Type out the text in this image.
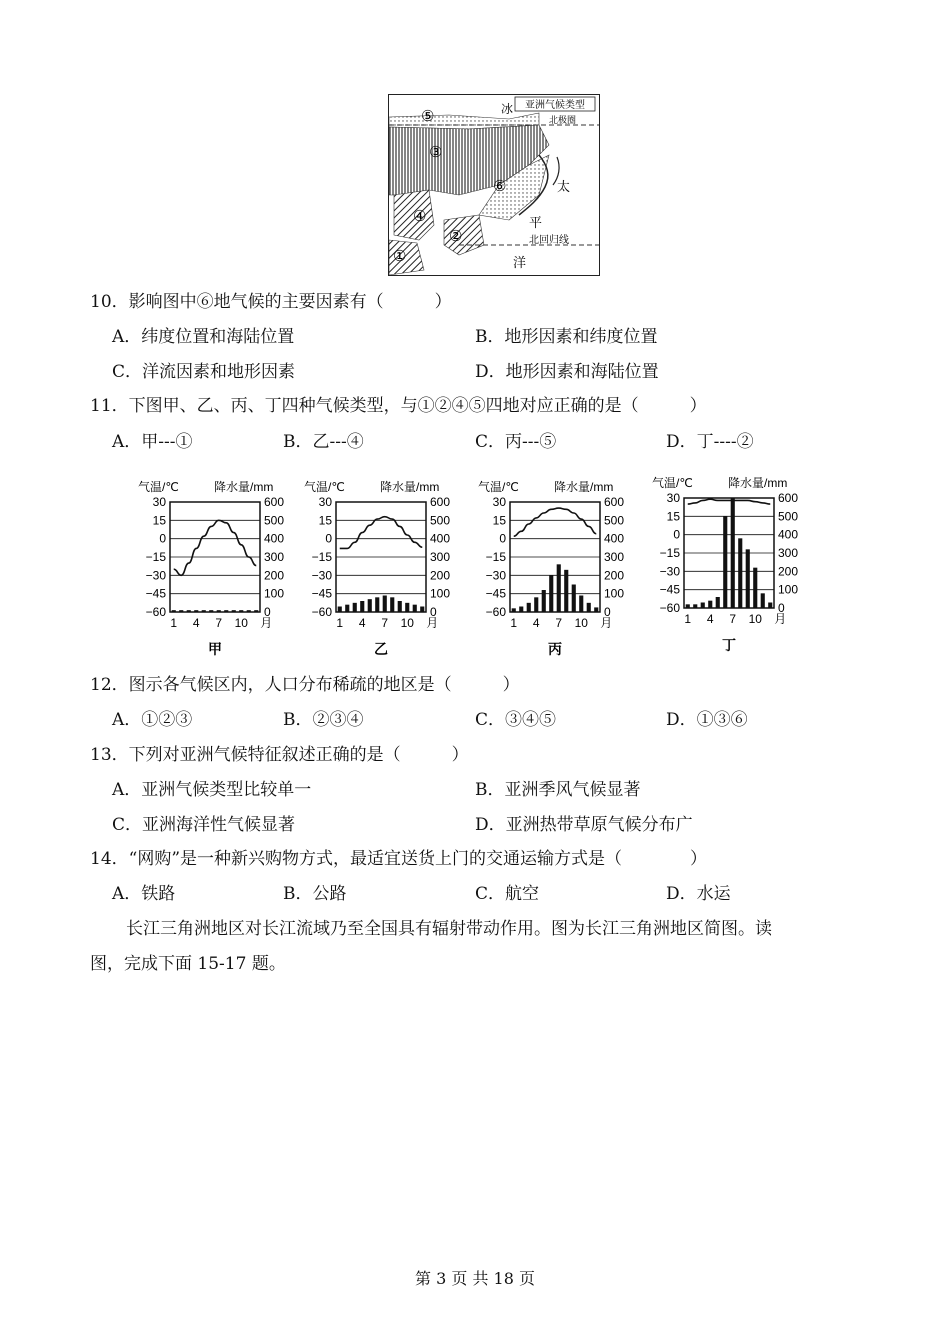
亚洲气候类型
冰
北极圈
太
平
北回归线
洋
⑤
③
⑥
④
②
①
10．影响图中⑥地气候的主要因素有（　　　）
A．纬度位置和海陆位置	B．地形因素和纬度位置
C．洋流因素和地形因素	D．地形因素和海陆位置
11．下图甲、乙、丙、丁四种气候类型，与①②④⑤四地对应正确的是（　　　）
A．甲---①	B．乙---④	C．丙---⑤	D．丁----②
气温/℃	降水量/mm
30	600
15	500
0	400
−15	300
−30	200
−45	100
−60	0
1 4 7 10 月
甲
气温/℃	降水量/mm
30	600
15	500
0	400
−15	300
−30	200
−45	100
−60	0
1 4 7 10 月
乙
气温/℃	降水量/mm
30	600
15	500
0	400
−15	300
−30	200
−45	100
−60	0
1 4 7 10 月
丙
气温/℃	降水量/mm
30	600
15	500
0	400
−15	300
−30	200
−45	100
−60	0
1 4 7 10 月
丁
12．图示各气候区内，人口分布稀疏的地区是（　　　）
A．①②③	B．②③④	C．③④⑤	D．①③⑥
13．下列对亚洲气候特征叙述正确的是（　　　）
A．亚洲气候类型比较单一	B．亚洲季风气候显著
C．亚洲海洋性气候显著	D．亚洲热带草原气候分布广
14．“网购”是一种新兴购物方式，最适宜送货上门的交通运输方式是（　　　　）
A．铁路	B．公路	C．航空	D．水运
长江三角洲地区对长江流域乃至全国具有辐射带动作用。图为长江三角洲地区简图。读
图，完成下面 15-17 题。
第 3 页 共 18 页
